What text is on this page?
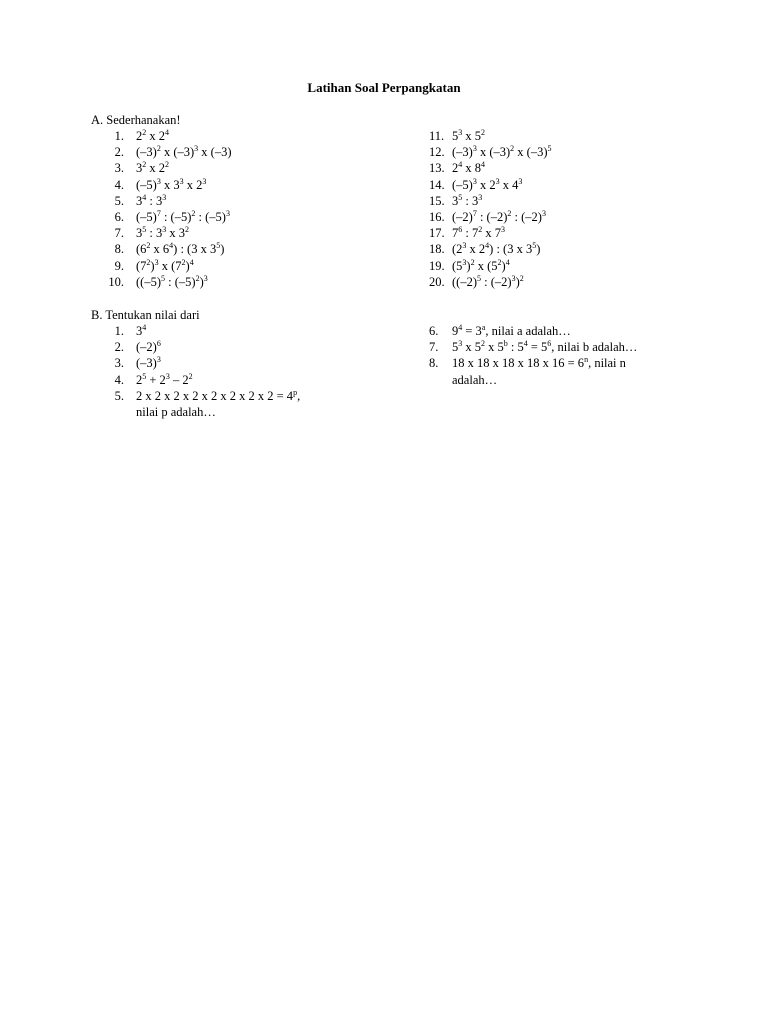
Latihan Soal Perpangkatan
A. Sederhanakan!
1. $2^2$ x $2^4$
2. $(-3)^2$ x $(-3)^3$ x (–3)
3. $3^2$ x $2^2$
4. $(-5)^3$ x $3^3$ x $2^3$
5. $3^4$ : $3^3$
6. $(-5)^7$ : $(-5)^2$ : $(-5)^3$
7. $3^5$ : $3^3$ x $3^2$
8. ($6^2$ x $6^4$) : (3 x $3^5$)
9. $(7^2)^3$ x $(7^2)^4$
10. ($(-5)^5$ : $(-5)^2)^3$
11. $5^3$ x $5^2$
12. $(-3)^3$ x $(-3)^2$ x $(-3)^5$
13. $2^4$ x $8^4$
14. $(-5)^3$ x $2^3$ x $4^3$
15. $3^5$ : $3^3$
16. $(-2)^7$ : $(-2)^2$ : $(-2)^3$
17. $7^6$ : $7^2$ x $7^3$
18. ($2^3$ x $2^4$) : (3 x $3^5$)
19. $(5^3)^2$ x $(5^2)^4$
20. ($(-2)^5$ : $(-2)^3)^2$
B. Tentukan nilai dari
1. $3^4$
2. $(-2)^6$
3. $(-3)^3$
4. $2^5 + 2^3 - 2^2$
5. 2 x 2 x 2 x 2 x 2 x 2 x 2 x $2 = 4^p$,
nilai p adalah…
6. $9^4 = 3^a$, nilai a adalah…
7. $5^3$ x $5^2$ x 5$^b$ : $5^4 = 5^6$, nilai b adalah…
8. 18 x 18 x 18 x 18 x $16 = 6^n$, nilai n
adalah…
